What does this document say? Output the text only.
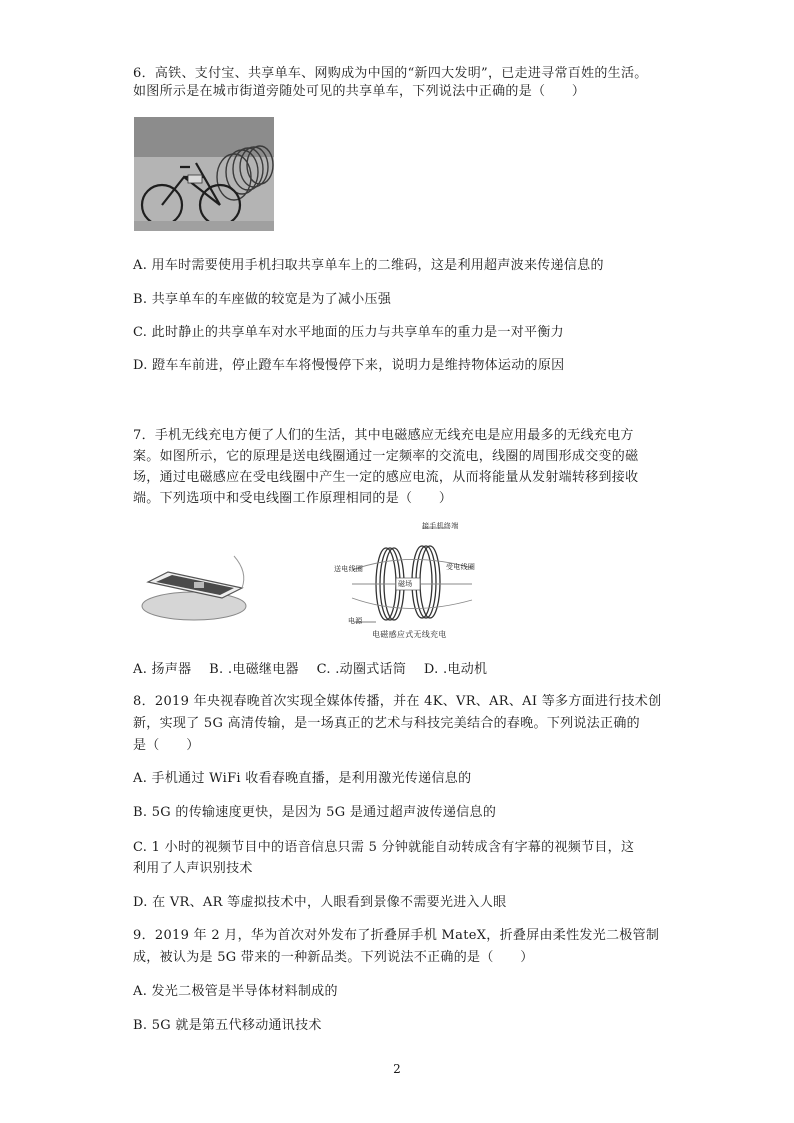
6．高铁、支付宝、共享单车、网购成为中国的“新四大发明”，已走进寻常百姓的生活。
如图所示是在城市街道旁随处可见的共享单车，下列说法中正确的是（　　）
A. 用车时需要使用手机扫取共享单车上的二维码，这是利用超声波来传递信息的
B. 共享单车的车座做的较宽是为了减小压强
C. 此时静止的共享单车对水平地面的压力与共享单车的重力是一对平衡力
D. 蹬车车前进，停止蹬车车将慢慢停下来，说明力是维持物体运动的原因
7．手机无线充电方便了人们的生活，其中电磁感应无线充电是应用最多的无线充电方
案。如图所示，它的原理是送电线圈通过一定频率的交流电，线圈的周围形成交变的磁
场，通过电磁感应在受电线圈中产生一定的感应电流，从而将能量从发射端转移到接收
端。下列选项中和受电线圈工作原理相同的是（　　）
接手机终端
送电线圈	受电线圈
磁场
电源
电磁感应式无线充电
A. 扬声器　 B. .电磁继电器　 C. .动圈式话筒　 D. .电动机
8．2019 年央视春晚首次实现全媒体传播，并在 4K、VR、AR、AI 等多方面进行技术创
新，实现了 5G 高清传输，是一场真正的艺术与科技完美结合的春晚。下列说法正确的
是（　　）
A. 手机通过 WiFi 收看春晚直播，是利用激光传递信息的
B. 5G 的传输速度更快，是因为 5G 是通过超声波传递信息的
C. 1 小时的视频节目中的语音信息只需 5 分钟就能自动转成含有字幕的视频节目，这
利用了人声识别技术
D. 在 VR、AR 等虚拟技术中，人眼看到景像不需要光进入人眼
9．2019 年 2 月，华为首次对外发布了折叠屏手机 MateX，折叠屏由柔性发光二极管制
成，被认为是 5G 带来的一种新品类。下列说法不正确的是（　　）
A. 发光二极管是半导体材料制成的
B. 5G 就是第五代移动通讯技术
2
